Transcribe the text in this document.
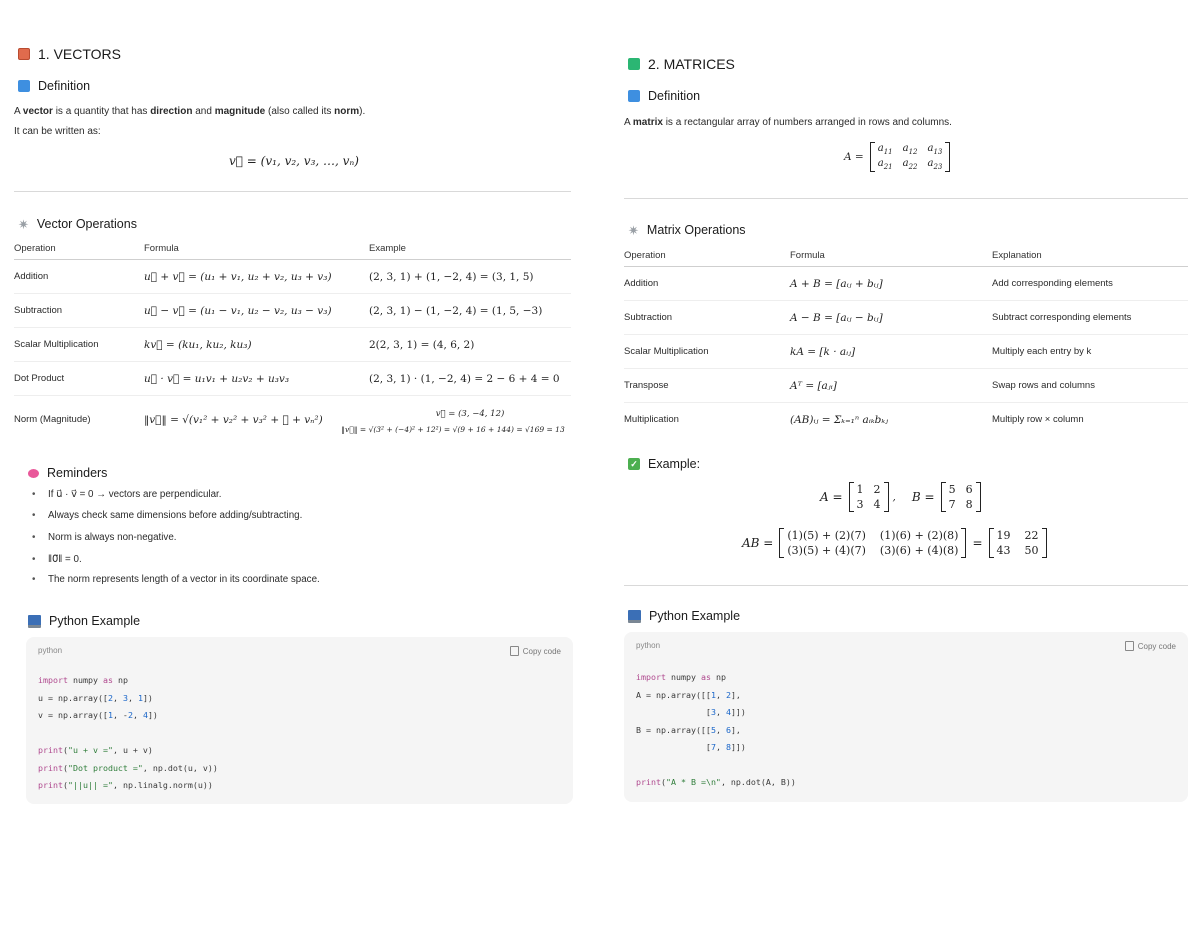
1. VECTORS
Definition
A vector is a quantity that has direction and magnitude (also called its norm).
It can be written as:
v⃗ = (v₁, v₂, v₃, …, vₙ)
✷ Vector Operations
Operation	Formula	Example
Addition	u⃗ + v⃗ = (u₁ + v₁, u₂ + v₂, u₃ + v₃)	(2, 3, 1) + (1, −2, 4) = (3, 1, 5)
Subtraction	u⃗ − v⃗ = (u₁ − v₁, u₂ − v₂, u₃ − v₃)	(2, 3, 1) − (1, −2, 4) = (1, 5, −3)
Scalar Multiplication	kv⃗ = (ku₁, ku₂, ku₃)	2(2, 3, 1) = (4, 6, 2)
Dot Product	u⃗ · v⃗ = u₁v₁ + u₂v₂ + u₃v₃	(2, 3, 1) · (1, −2, 4) = 2 − 6 + 4 = 0
Norm (Magnitude)	‖v⃗‖ = √(v₁² + v₂² + v₃² + ⋯ + vₙ²)	v⃗ = (3, −4, 12)
‖v⃗‖ = √(3² + (−4)² + 12²) = √(9 + 16 + 144) = √169 = 13
Reminders
• If u⃗ · v⃗ = 0 → vectors are perpendicular.
• Always check same dimensions before adding/subtracting.
• Norm is always non-negative.
• ‖0⃗‖ = 0.
• The norm represents length of a vector in its coordinate space.
Python Example
python	Copy code
import numpy as np
u = np.array([2, 3, 1])
v = np.array([1, -2, 4])

print("u + v =", u + v)
print("Dot product =", np.dot(u, v))
print("||u|| =", np.linalg.norm(u))
2. MATRICES
Definition
A matrix is a rectangular array of numbers arranged in rows and columns.
A =
$a_{11}$ $a_{12}$ $a_{13}$
$a_{21}$ $a_{22}$ $a_{23}$
✷ Matrix Operations
Operation	Formula	Explanation
Addition	A + B = [aᵢⱼ + bᵢⱼ]	Add corresponding elements
Subtraction	A − B = [aᵢⱼ − bᵢⱼ]	Subtract corresponding elements
Scalar Multiplication	kA = [k · aᵢⱼ]	Multiply each entry by k
Transpose	Aᵀ = [aⱼᵢ]	Swap rows and columns
Multiplication	(AB)ᵢⱼ = Σₖ₌₁ⁿ aᵢₖbₖⱼ	Multiply row × column
✓ Example:
A =
1 2
3 4
, B =
5 6
7 8
AB =
(1)(5) + (2)(7) (1)(6) + (2)(8)
(3)(5) + (4)(7) (3)(6) + (4)(8)
=
19 22
43 50
Python Example
python	Copy code
import numpy as np
A = np.array([[1, 2],
[3, 4]])
B = np.array([[5, 6],
[7, 8]])

print("A * B =\n", np.dot(A, B))
